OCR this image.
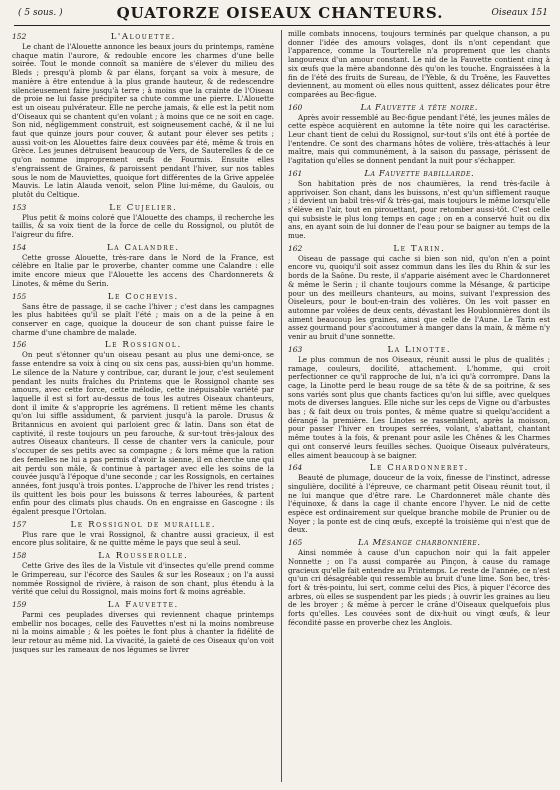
( 5 sous. )	QUATORZE OISEAUX CHANTEURS.	Oiseaux 151
152	L'Alouette.

Le chant de l'Alouette annonce les beaux jours du printemps, ramène chaque matin l'aurore, & redouble encore les charmes d'une belle soirée. Tout le monde connoît sa manière de s'élever du milieu des Bleds ; presqu'à plomb & par élans, forçant sa voix à mesure, de manière à être entendue à la plus grande hauteur, & de redescendre silencieusement faire jusqu'à terre ; à moins que la crainte de l'Oiseau de proie ne lui fasse précipiter sa chute comme une pierre. L'Alouette est un oiseau pulvérateur. Elle ne perche jamais, & elle est la petit nom d'Oiseaux qui se chantent qu'en volant ; à moins que ce ne soit en cage. Son nid, négligemment construit, est soigneusement caché, & il ne lui faut que quinze jours pour couver, & autant pour élever ses petits ; aussi voit-on les Alouettes faire deux couvées par été, même & trois en Grèce. Les jeunes détruisent beaucoup de Vers, de Sauterelles & de ce qu'on nomme improprement œufs de Fourmis. Ensuite elles s'engraissent de Graines, & paroissent pendant l'hiver, sur nos tables sous le nom de Mauviettes, quoique fort différentes de la Grive appelée Mauvis. Le latin Alauda venoit, selon Pline lui-même, du Gaulois, ou plutôt du Celtique.

153	Le Cujelier.

Plus petit & moins coloré que l'Alouette des champs, il recherche les taillis, & sa voix tient de la force de celle du Rossignol, ou plutôt de l'aigreur du fifre.

154	La Calandre.

Cette grosse Alouette, très-rare dans le Nord de la France, est célèbre en Italie par le proverbe, chanter comme une Calandre : elle imite encore mieux que l'Alouette les accens des Chardonnerets & Linotes, & même du Serin.

155	Le Cochevis.

Sans être de passage, il se cache l'hiver ; c'est dans les campagnes les plus habitées qu'il se plaît l'été ; mais on a de la peine à en conserver en cage, quoique la douceur de son chant puisse faire le charme d'une chambre de malade.

156	Le Rossignol.

On peut s'étonner qu'un oiseau pesant au plus une demi-once, se fasse entendre sa voix à cinq ou six cens pas, aussi-bien qu'un homme. Le silence de la Nature y contribue, car, durant le jour, c'est seulement pendant les nuits fraîches du Printems que le Rossignol chante ses amours, avec cette force, cette mélodie, cette inépuisable variété par laquelle il est si fort au-dessus de tous les autres Oiseaux chanteurs, dont il imite & s'approprie les agrémens. Il retient même les chants qu'on lui siffle assidument, & parvient jusqu'à la parole. Drusus & Britannicus en avoient qui parloient grec & latin. Dans son état de captivité, il reste toujours un peu farouche, & sur-tout très-jaloux des autres Oiseaux chanteurs. Il cesse de chanter vers la canicule, pour s'occuper de ses petits avec sa compagne ; & lors même que la ration des femelles ne lui a pas permis d'avoir la sienne, il en cherche une qui ait perdu son mâle, & continue à partager avec elle les soins de la couvée jusqu'à l'époque d'une seconde ; car les Rossignols, en certaines années, font jusqu'à trois pontes. L'approche de l'hiver les rend tristes ; ils quittent les bois pour les buissons & terres labourées, & partent enfin pour des climats plus chauds. On en engraisse en Gascogne : ils égalent presque l'Ortolan.

157	Le Rossignol de muraille.

Plus rare que le vrai Rossignol, & chantre aussi gracieux, il est encore plus solitaire, & ne quitte même le pays que seul à seul.

158	La Rousserolle.

Cette Grive des îles de la Vistule vit d'insectes qu'elle prend comme le Grimpereau, sur l'écorce des Saules & sur les Roseaux ; on l'a aussi nommée Rossignol de rivière, à raison de son chant, plus étendu à la vérité que celui du Rossignol, mais moins fort & moins agréable.

159	La Fauvette.

Parmi ces peuplades diverses qui reviennent chaque printemps embellir nos bocages, celle des Fauvettes n'est ni la moins nombreuse ni la moins aimable ; & les poètes le font plus à chanter la fidélité de leur retour au même nid. La vivacité, la gaieté de ces Oiseaux qu'on voit jusques sur les rameaux de nos légumes se livrer

mille combats innocens, toujours terminés par quelque chanson, a pu donner l'idée des amours volages, dont ils n'ont cependant que l'apparence, comme la Tourterelle n'a proprement que les chants langoureux d'un amour constant. Le nid de la Fauvette contient cinq à six œufs que la mère abandonne dès qu'on les touche. Engraissées à la fin de l'été des fruits de Sureau, de l'Yèble, & du Troëne, les Fauvettes deviennent, au moment où elles nous quittent, assez délicates pour être comparées au Bec-figue.

160	La Fauvette à tête noire.

Après avoir ressemblé au Bec-figue pendant l'été, les jeunes mâles de cette espèce acquièrent en automne la tête noire qui les caractérise. Leur chant tient de celui du Rossignol, sur-tout s'ils ont été à portée de l'entendre. Ce sont des charmans hôtes de volière, très-attachés à leur maître, mais qui communément, à la saison du passage, périssent de l'agitation qu'elles se donnent pendant la nuit pour s'échapper.

161	La Fauvette babillarde.

Son habitation près de nos chaumières, la rend très-facile à apprivoiser. Son chant, dans les buissons, n'est qu'un sifflement rauque ; il devient un babil très-vif & très-gai, mais toujours le même lorsqu'elle s'élève en l'air, tout en pirouettant, pour retomber aussi-tôt. C'est celle qui subsiste le plus long temps en cage ; on en a conservé huit ou dix ans, en ayant soin de lui donner de l'eau pour se baigner au temps de la mue.

162	Le Tarin.

Oiseau de passage qui cache si bien son nid, qu'on n'en a point encore vu, quoiqu'il soit assez commun dans les îles du Rhin & sur les bords de la Saône. Du reste, il s'apparie aisément avec le Chardonneret & même le Serin ; il chante toujours comme la Mésange, & participe pour un des meilleurs chanteurs, au moins, suivant l'expression des Oiseleurs, pour le bout-en-train des volières. On les voit passer en automne par volées de deux cents, dévastant les Houblonnières dont ils aiment beaucoup les graines, ainsi que celle de l'Aune. Le Tarin est assez gourmand pour s'accoutumer à manger dans la main, & même n'y venir au bruit d'une sonnette.

163	La Linotte.

Le plus commun de nos Oiseaux, réunit aussi le plus de qualités ; ramage, couleurs, docilité, attachement. L'homme, qui croit perfectionner ce qu'il rapproche de lui, n'a ici qu'à corrompre. Dans la cage, la Linotte perd le beau rouge de sa tête & de sa poitrine, & ses sons variés sont plus que chants factices qu'on lui siffle, avec quelques mots de diverses langues. Elle niche sur les ceps de Vigne ou d'arbustes bas ; & fait deux ou trois pontes, & même quatre si quelqu'accident a dérangé la première. Les Linotes se rassemblent, après la moisson, pour passer l'hiver en troupes serrées, volant, s'abattant, chantant même toutes à la fois, & prenant pour asile les Chênes & les Charmes qui ont conservé leurs feuilles sèches. Quoique Oiseaux pulvérateurs, elles aiment beaucoup à se baigner.

164	Le Chardonneret.

Beauté de plumage, douceur de la voix, finesse de l'instinct, adresse singulière, docilité à l'épreuve, ce charmant petit Oiseau réunit tout, il ne lui manque que d'être rare. Le Chardonneret mâle chante dès l'équinoxe, & dans la cage il chante encore l'hyver. Le nid de cette espèce est ordinairement sur quelque branche mobile de Prunier ou de Noyer ; la ponte est de cinq œufs, excepté la troisième qui n'est que de deux.

165	La Mésange charbonnière.

Ainsi nommée à cause d'un capuchon noir qui la fait appeler Nonnette ; on l'a aussi comparée au Pinçon, à cause du ramage gracieux qu'elle fait entendre au Printemps. Le reste de l'année, ce n'est qu'un cri désagréable qui ressemble au bruit d'une lime. Son bec, très-fort & très-pointu, lui sert, comme celui des Pics, à piquer l'écorce des arbres, où elles se suspendent par les pieds ; à ouvrir les graines au lieu de les broyer ; & même à percer le crâne d'Oiseaux quelquefois plus forts qu'elles. Les couvées sont de dix-huit ou vingt œufs, & leur fécondité passe en proverbe chez les Anglois.
